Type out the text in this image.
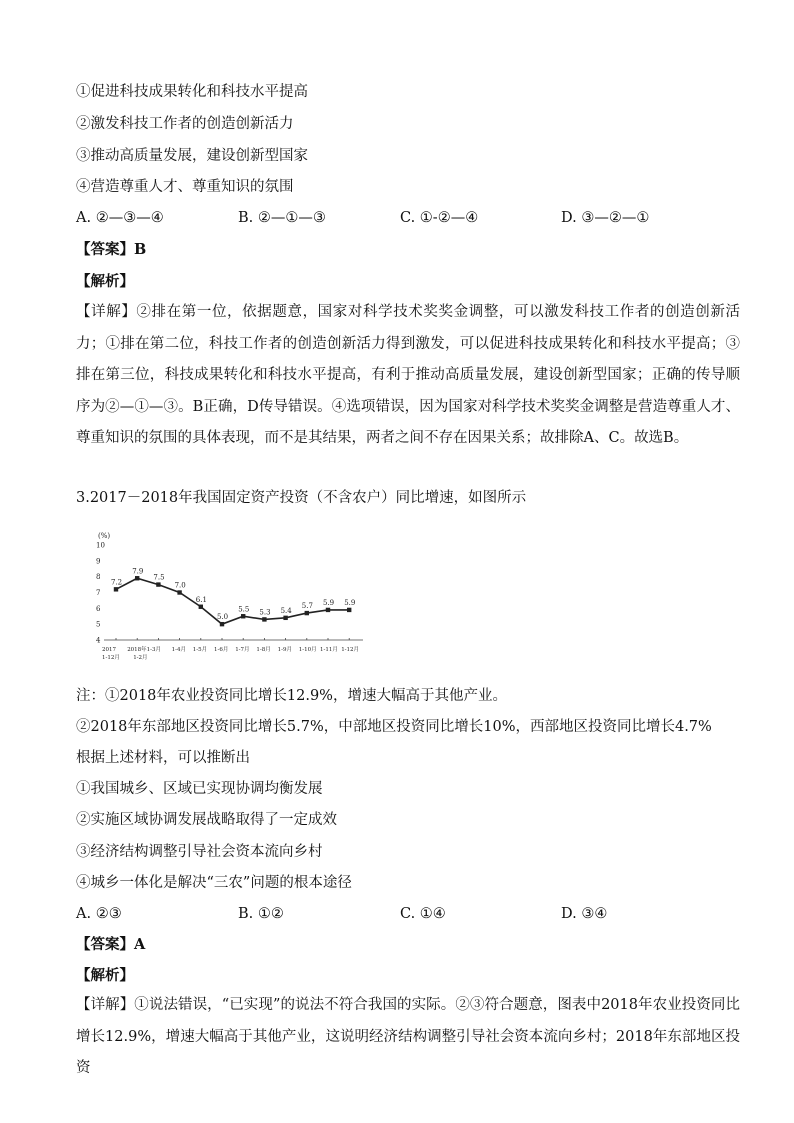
①促进科技成果转化和科技水平提高
②激发科技工作者的创造创新活力
③推动高质量发展，建设创新型国家
④营造尊重人才、尊重知识的氛围
A. ②—③—④	B. ②—①—③	C. ①-②—④	D. ③—②—①
【答案】B
【解析】
【详解】②排在第一位，依据题意，国家对科学技术奖奖金调整，可以激发科技工作者的创造创新活力；①排在第二位，科技工作者的创造创新活力得到激发，可以促进科技成果转化和科技水平提高；③排在第三位，科技成果转化和科技水平提高，有利于推动高质量发展，建设创新型国家；正确的传导顺序为②—①—③。B正确，D传导错误。④选项错误，因为国家对科学技术奖奖金调整是营造尊重人才、尊重知识的氛围的具体表现，而不是其结果，两者之间不存在因果关系；故排除A、C。故选B。
3.2017－2018年我国固定资产投资（不含农户）同比增速，如图所示
(%)
10
9
8
7
6
5
4
7.2
7.9
7.5
7.0
6.1
5.0
5.5 5.3 5.4
5.7 5.9 5.9
2017 2018年1-3月 1-4月 1-5月 1-6月 1-7月 1-8月 1-9月 1-10月 1-11月 1-12月
1-12月 1-2月
注：①2018年农业投资同比增长12.9%，增速大幅高于其他产业。
②2018年东部地区投资同比增长5.7%，中部地区投资同比增长10%，西部地区投资同比增长4.7%
根据上述材料，可以推断出
①我国城乡、区域已实现协调均衡发展
②实施区域协调发展战略取得了一定成效
③经济结构调整引导社会资本流向乡村
④城乡一体化是解决“三农”问题的根本途径
A. ②③	B. ①②	C. ①④	D. ③④
【答案】A
【解析】
【详解】①说法错误，“已实现”的说法不符合我国的实际。②③符合题意，图表中2018年农业投资同比增长12.9%，增速大幅高于其他产业，这说明经济结构调整引导社会资本流向乡村；2018年东部地区投资
